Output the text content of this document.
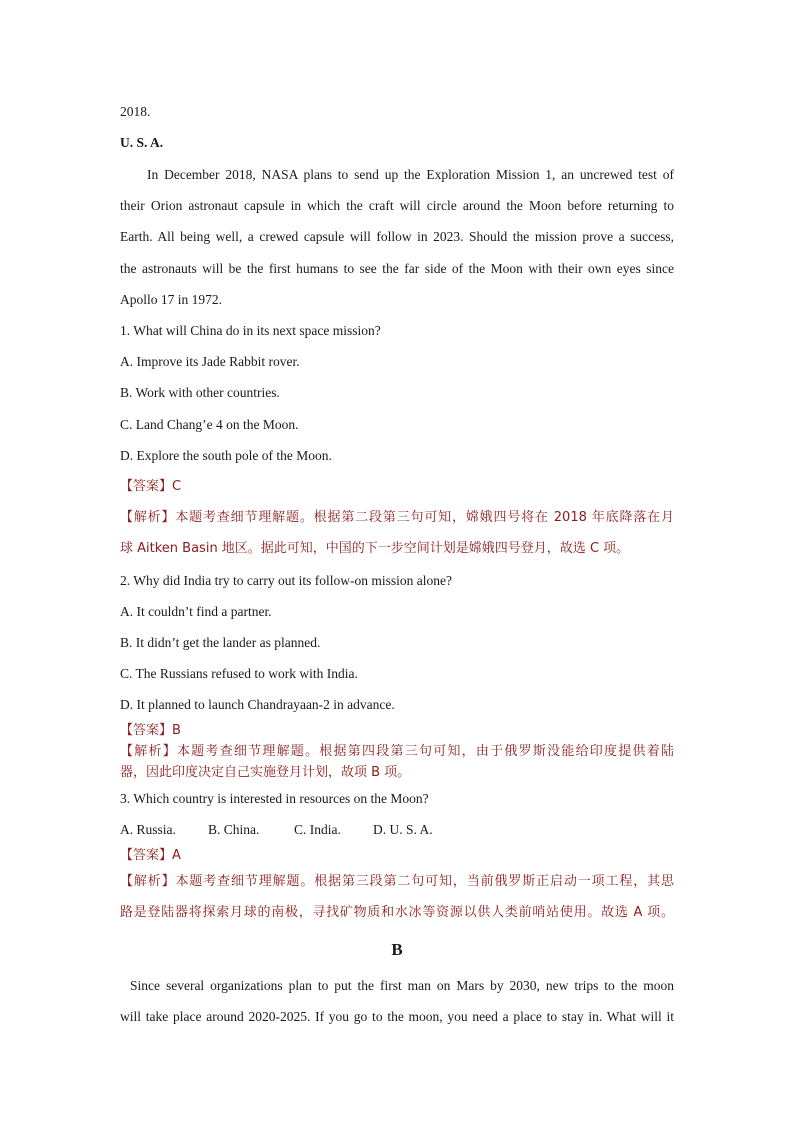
2018.
U. S. A.
In December 2018, NASA plans to send up the Exploration Mission 1, an uncrewed test of
their Orion astronaut capsule in which the craft will circle around the Moon before returning to
Earth. All being well, a crewed capsule will follow in 2023. Should the mission prove a success,
the astronauts will be the first humans to see the far side of the Moon with their own eyes since
Apollo 17 in 1972.
1. What will China do in its next space mission?
A. Improve its Jade Rabbit rover.
B. Work with other countries.
C. Land Chang’e 4 on the Moon.
D. Explore the south pole of the Moon.
【答案】C
【解析】本题考查细节理解题。根据第二段第三句可知，嫦娥四号将在 2018 年底降落在月
球 Aitken Basin 地区。据此可知，中国的下一步空间计划是嫦娥四号登月，故选 C 项。
2. Why did India try to carry out its follow-on mission alone?
A. It couldn’t find a partner.
B. It didn’t get the lander as planned.
C. The Russians refused to work with India.
D. It planned to launch Chandrayaan-2 in advance.
【答案】B
【解析】本题考查细节理解题。根据第四段第三句可知，由于俄罗斯没能给印度提供着陆
器，因此印度决定自己实施登月计划，故项 B 项。
3. Which country is interested in resources on the Moon?
A. Russia. B. China.	C. India. D. U. S. A.
【答案】A
【解析】本题考查细节理解题。根据第三段第二句可知，当前俄罗斯正启动一项工程，其思
路是登陆器将探索月球的南极，寻找矿物质和水冰等资源以供人类前哨站使用。故选 A 项。
B
Since several organizations plan to put the first man on Mars by 2030, new trips to the moon
will take place around 2020-2025. If you go to the moon, you need a place to stay in. What will it
